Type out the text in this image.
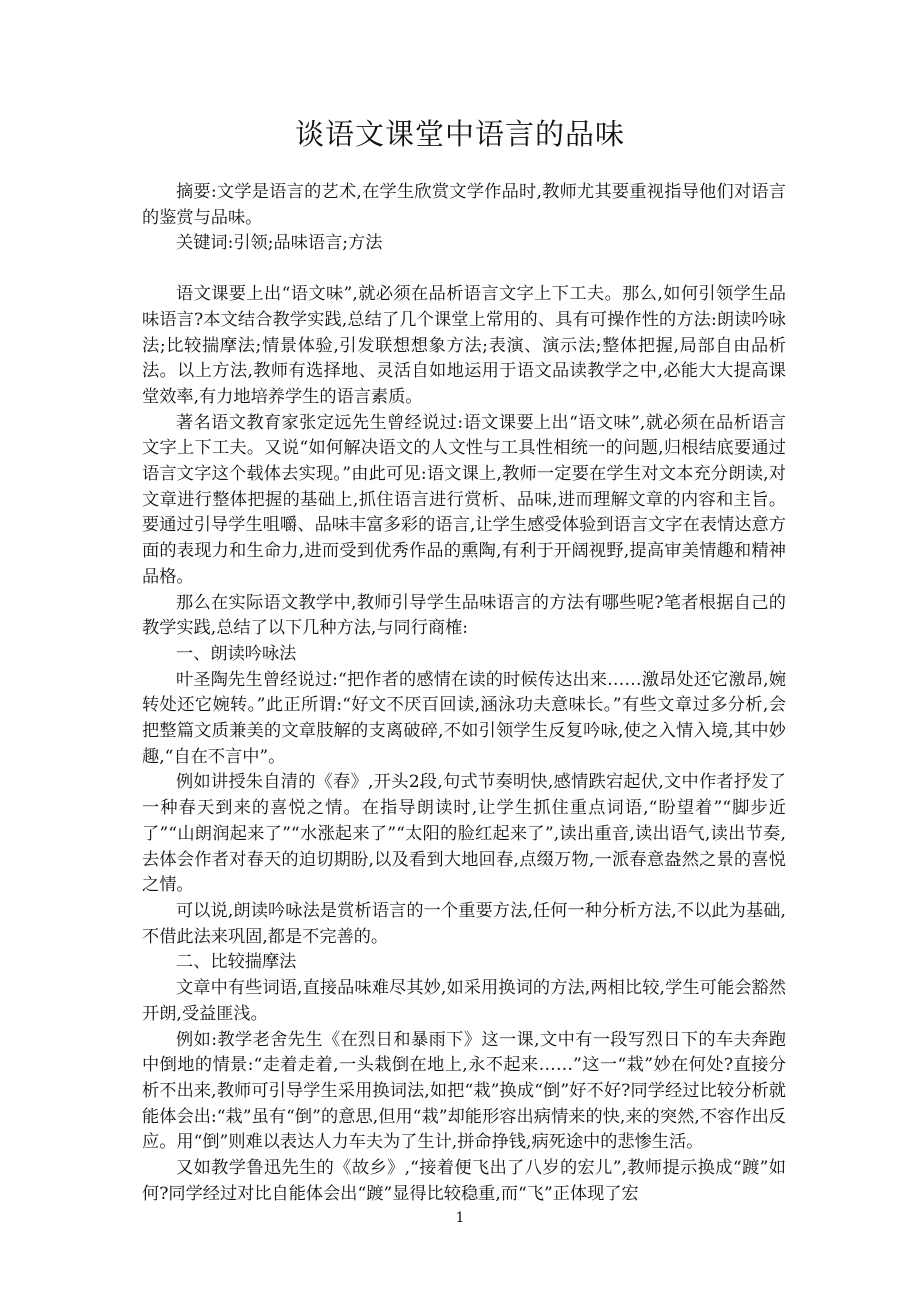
谈语文课堂中语言的品味

摘要:文学是语言的艺术,在学生欣赏文学作品时,教师尤其要重视指导他们对语言的鉴赏与品味。

关键词:引领;品味语言;方法

语文课要上出“语文味”,就必须在品析语言文字上下工夫。那么,如何引领学生品味语言?本文结合教学实践,总结了几个课堂上常用的、具有可操作性的方法:朗读吟咏法;比较揣摩法;情景体验,引发联想想象方法;表演、演示法;整体把握,局部自由品析法。以上方法,教师有选择地、灵活自如地运用于语文品读教学之中,必能大大提高课堂效率,有力地培养学生的语言素质。

著名语文教育家张定远先生曾经说过:语文课要上出“语文味”,就必须在品析语言文字上下工夫。又说“如何解决语文的人文性与工具性相统一的问题,归根结底要通过语言文字这个载体去实现。”由此可见:语文课上,教师一定要在学生对文本充分朗读,对文章进行整体把握的基础上,抓住语言进行赏析、品味,进而理解文章的内容和主旨。要通过引导学生咀嚼、品味丰富多彩的语言,让学生感受体验到语言文字在表情达意方面的表现力和生命力,进而受到优秀作品的熏陶,有利于开阔视野,提高审美情趣和精神品格。

那么在实际语文教学中,教师引导学生品味语言的方法有哪些呢?笔者根据自己的教学实践,总结了以下几种方法,与同行商榷:

一、朗读吟咏法

叶圣陶先生曾经说过:“把作者的感情在读的时候传达出来……激昂处还它激昂,婉转处还它婉转。”此正所谓:“好文不厌百回读,涵泳功夫意味长。”有些文章过多分析,会把整篇文质兼美的文章肢解的支离破碎,不如引领学生反复吟咏,使之入情入境,其中妙趣,“自在不言中”。

例如讲授朱自清的《春》,开头2段,句式节奏明快,感情跌宕起伏,文中作者抒发了一种春天到来的喜悦之情。在指导朗读时,让学生抓住重点词语,“盼望着”“脚步近了”“山朗润起来了”“水涨起来了”“太阳的脸红起来了”,读出重音,读出语气,读出节奏,去体会作者对春天的迫切期盼,以及看到大地回春,点缀万物,一派春意盎然之景的喜悦之情。

可以说,朗读吟咏法是赏析语言的一个重要方法,任何一种分析方法,不以此为基础,不借此法来巩固,都是不完善的。

二、比较揣摩法

文章中有些词语,直接品味难尽其妙,如采用换词的方法,两相比较,学生可能会豁然开朗,受益匪浅。

例如:教学老舍先生《在烈日和暴雨下》这一课,文中有一段写烈日下的车夫奔跑中倒地的情景:“走着走着,一头栽倒在地上,永不起来……”这一“栽”妙在何处?直接分析不出来,教师可引导学生采用换词法,如把“栽”换成“倒”好不好?同学经过比较分析就能体会出:“栽”虽有“倒”的意思,但用“栽”却能形容出病情来的快,来的突然,不容作出反应。用“倒”则难以表达人力车夫为了生计,拼命挣钱,病死途中的悲惨生活。

又如教学鲁迅先生的《故乡》,“接着便飞出了八岁的宏儿”,教师提示换成“踱”如何?同学经过对比自能体会出“踱”显得比较稳重,而“飞”正体现了宏

1
